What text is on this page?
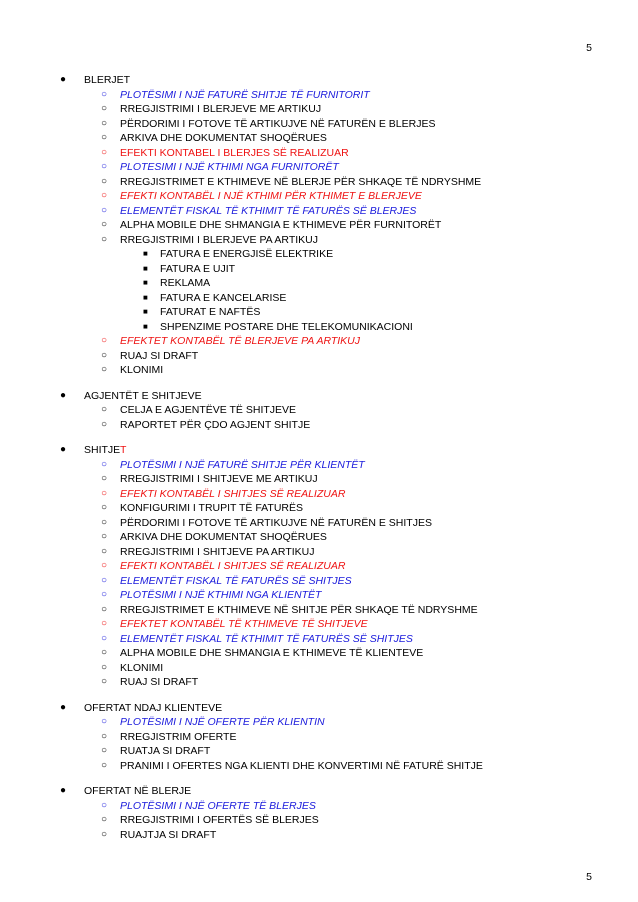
5
●	BLERJET
○	PLOTËSIMI I NJË FATURË SHITJE TË FURNITORIT
○	RREGJISTRIMI I BLERJEVE ME ARTIKUJ
○	PËRDORIMI I FOTOVE TË ARTIKUJVE NË FATURËN E BLERJES
○	ARKIVA DHE DOKUMENTAT SHOQËRUES
○	EFEKTI KONTABEL I BLERJES SË REALIZUAR
○	PLOTESIMI I NJË KTHIMI NGA FURNITORËT
○	RREGJISTRIMET E KTHIMEVE NË BLERJE PËR SHKAQE TË NDRYSHME
○	EFEKTI KONTABËL I NJË KTHIMI PËR KTHIMET E BLERJEVE
○	ELEMENTËT FISKAL TË KTHIMIT TË FATURËS SË BLERJES
○	ALPHA MOBILE DHE SHMANGIA E KTHIMEVE PËR FURNITORËT
○	RREGJISTRIMI I BLERJEVE PA ARTIKUJ
■	FATURA E ENERGJISË ELEKTRIKE
■	FATURA E UJIT
■	REKLAMA
■	FATURA E KANCELARISE
■	FATURAT E NAFTËS
■	SHPENZIME POSTARE DHE TELEKOMUNIKACIONI
○	EFEKTET KONTABËL TË BLERJEVE PA ARTIKUJ
○	RUAJ SI DRAFT
○	KLONIMI
●	AGJENTËT E SHITJEVE
○	CELJA E AGJENTËVE TË SHITJEVE
○	RAPORTET PËR ÇDO AGJENT SHITJE
●	SHITJE T
○	PLOTËSIMI I NJË FATURË SHITJE PËR KLIENTËT
○	RREGJISTRIMI I SHITJEVE ME ARTIKUJ
○	EFEKTI KONTABËL I SHITJES SË REALIZUAR
○	KONFIGURIMI I TRUPIT TË FATURËS
○	PËRDORIMI I FOTOVE TË ARTIKUJVE NË FATURËN E SHITJES
○	ARKIVA DHE DOKUMENTAT SHOQËRUES
○	RREGJISTRIMI I SHITJEVE PA ARTIKUJ
○	EFEKTI KONTABËL I SHITJES SË REALIZUAR
○	ELEMENTËT FISKAL TË FATURËS SË SHITJES
○	PLOTËSIMI I NJË KTHIMI NGA KLIENTËT
○	RREGJISTRIMET E KTHIMEVE NË SHITJE PËR SHKAQE TË NDRYSHME
○	EFEKTET KONTABËL TË KTHIMEVE TË SHITJEVE
○	ELEMENTËT FISKAL TË KTHIMIT TË FATURËS SË SHITJES
○	ALPHA MOBILE DHE SHMANGIA E KTHIMEVE TË KLIENTEVE
○	KLONIMI
○	RUAJ SI DRAFT
●	OFERTAT NDAJ KLIENTEVE
○	PLOTËSIMI I NJË OFERTE PËR KLIENTIN
○	RREGJISTRIM OFERTE
○	RUATJA SI DRAFT
○	PRANIMI I OFERTES NGA KLIENTI DHE KONVERTIMI NË FATURË SHITJE
●	OFERTAT NË BLERJE
○	PLOTËSIMI I NJË OFERTE TË BLERJES
○	RREGJISTRIMI I OFERTËS SË BLERJES
○	RUAJTJA SI DRAFT
5
